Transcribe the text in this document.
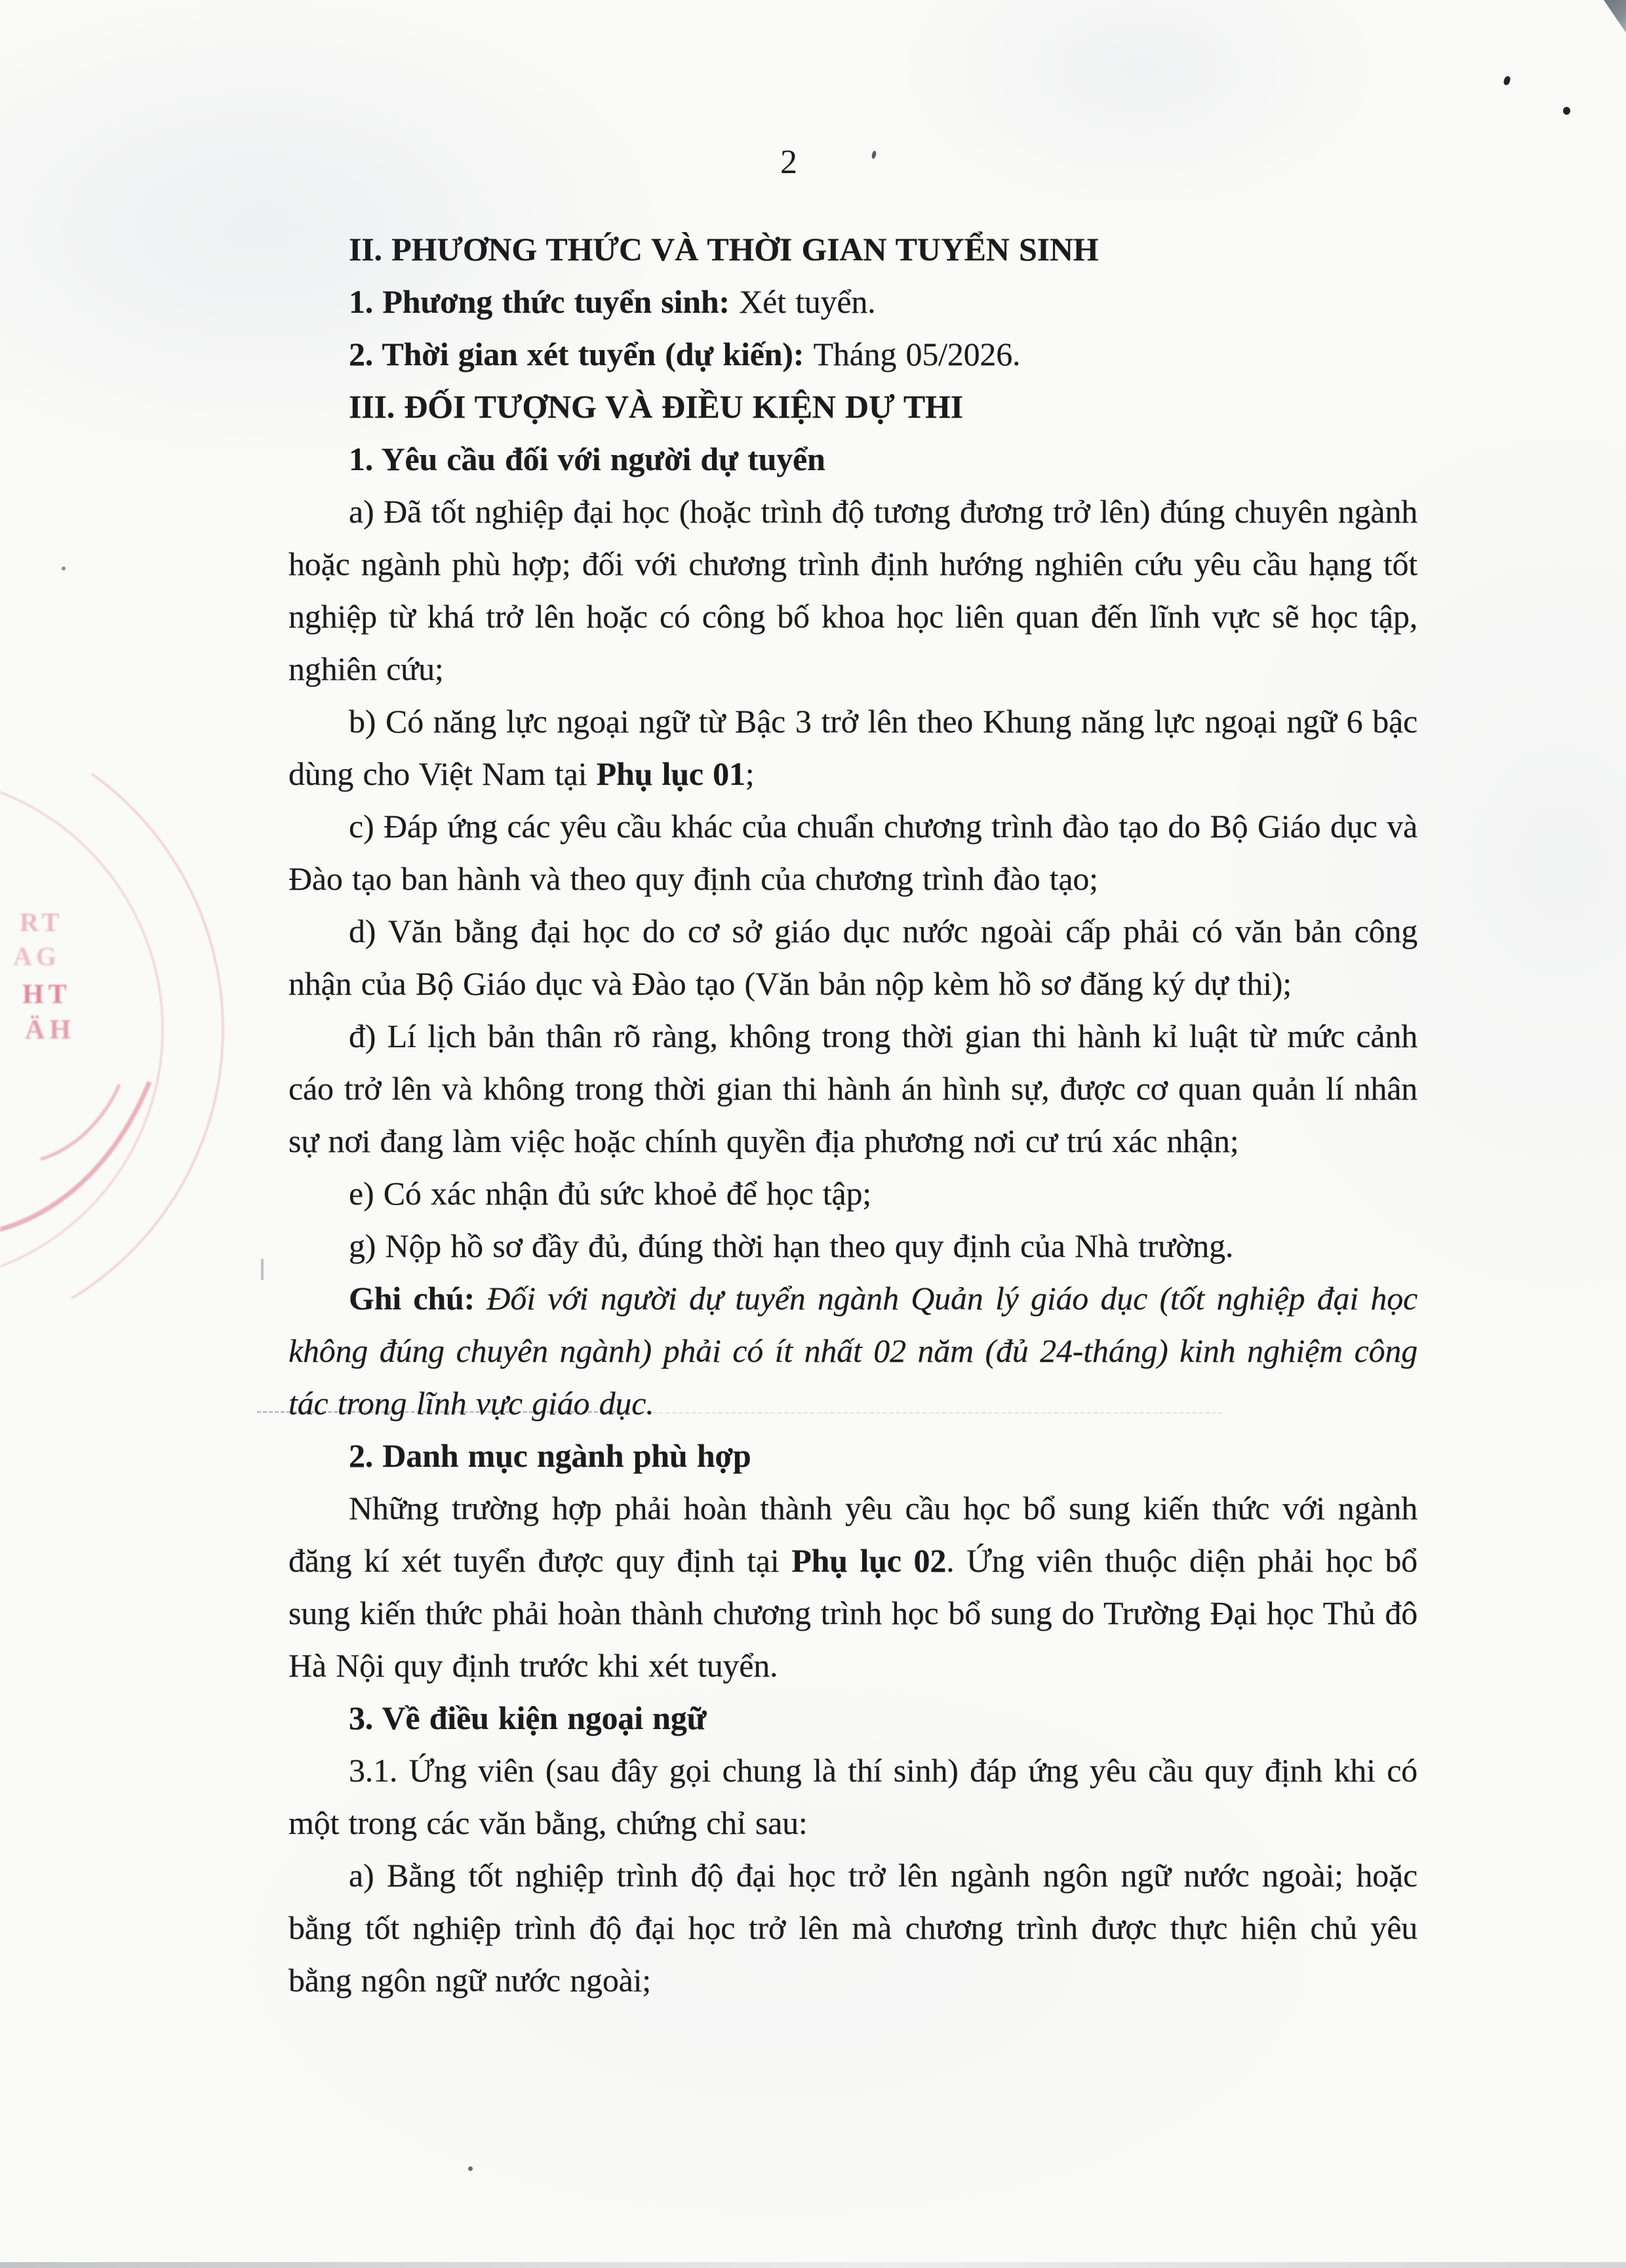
RT
AG
HT
ÄH
2

II. PHƯƠNG THỨC VÀ THỜI GIAN TUYỂN SINH

1. Phương thức tuyển sinh: Xét tuyển.

2. Thời gian xét tuyển (dự kiến): Tháng 05/2026.

III. ĐỐI TƯỢNG VÀ ĐIỀU KIỆN DỰ THI

1. Yêu cầu đối với người dự tuyển

a) Đã tốt nghiệp đại học (hoặc trình độ tương đương trở lên) đúng chuyên ngành hoặc ngành phù hợp; đối với chương trình định hướng nghiên cứu yêu cầu hạng tốt nghiệp từ khá trở lên hoặc có công bố khoa học liên quan đến lĩnh vực sẽ học tập, nghiên cứu;

b) Có năng lực ngoại ngữ từ Bậc 3 trở lên theo Khung năng lực ngoại ngữ 6 bậc dùng cho Việt Nam tại Phụ lục 01;

c) Đáp ứng các yêu cầu khác của chuẩn chương trình đào tạo do Bộ Giáo dục và Đào tạo ban hành và theo quy định của chương trình đào tạo;

d) Văn bằng đại học do cơ sở giáo dục nước ngoài cấp phải có văn bản công nhận của Bộ Giáo dục và Đào tạo (Văn bản nộp kèm hồ sơ đăng ký dự thi);

đ) Lí lịch bản thân rõ ràng, không trong thời gian thi hành kỉ luật từ mức cảnh cáo trở lên và không trong thời gian thi hành án hình sự, được cơ quan quản lí nhân sự nơi đang làm việc hoặc chính quyền địa phương nơi cư trú xác nhận;

e) Có xác nhận đủ sức khoẻ để học tập;

g) Nộp hồ sơ đầy đủ, đúng thời hạn theo quy định của Nhà trường.

Ghi chú: Đối với người dự tuyển ngành Quản lý giáo dục (tốt nghiệp đại học không đúng chuyên ngành) phải có ít nhất 02 năm (đủ 24-tháng) kinh nghiệm công tác trong lĩnh vực giáo dục.

2. Danh mục ngành phù hợp

Những trường hợp phải hoàn thành yêu cầu học bổ sung kiến thức với ngành đăng kí xét tuyển được quy định tại Phụ lục 02. Ứng viên thuộc diện phải học bổ sung kiến thức phải hoàn thành chương trình học bổ sung do Trường Đại học Thủ đô Hà Nội quy định trước khi xét tuyển.

3. Về điều kiện ngoại ngữ

3.1. Ứng viên (sau đây gọi chung là thí sinh) đáp ứng yêu cầu quy định khi có một trong các văn bằng, chứng chỉ sau:

a) Bằng tốt nghiệp trình độ đại học trở lên ngành ngôn ngữ nước ngoài; hoặc bằng tốt nghiệp trình độ đại học trở lên mà chương trình được thực hiện chủ yêu bằng ngôn ngữ nước ngoài;
